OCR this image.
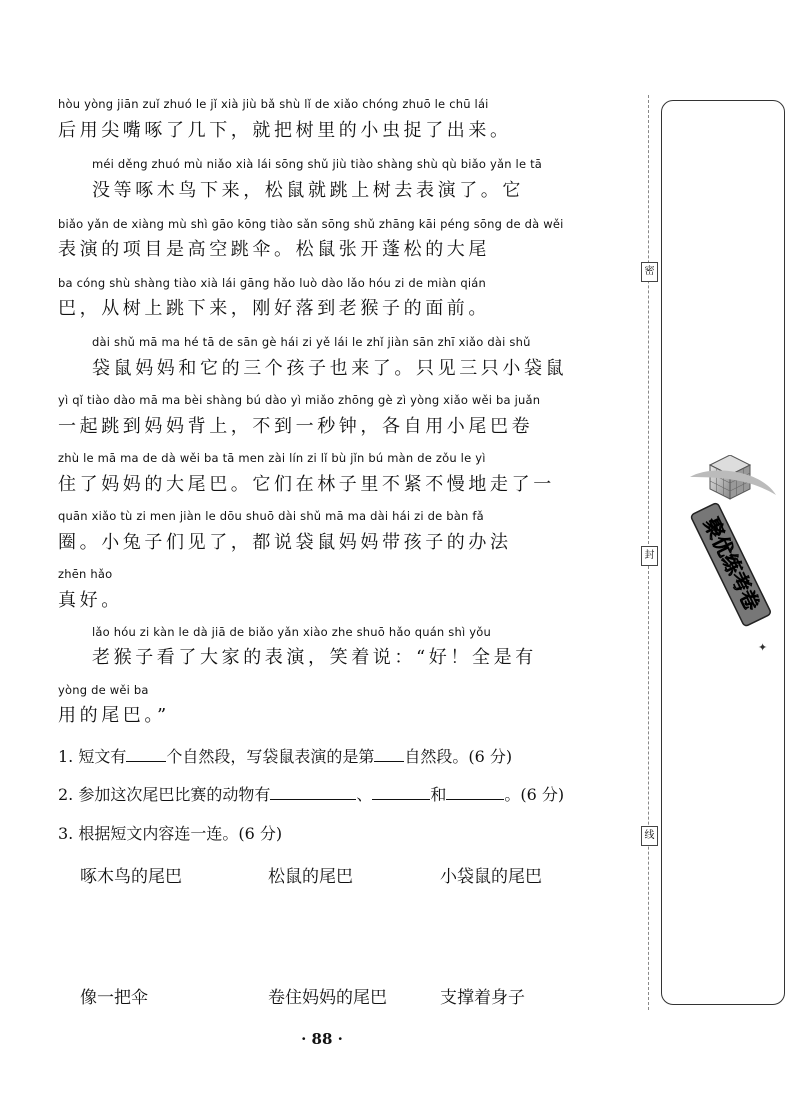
hòu yòng jiān zuǐ zhuó le jǐ xià jiù bǎ shù lǐ de xiǎo chóng zhuō le chū lái
后用尖嘴啄了几下，就把树里的小虫捉了出来。
méi děng zhuó mù niǎo xià lái sōng shǔ jiù tiào shàng shù qù biǎo yǎn le tā
没等啄木鸟下来，松鼠就跳上树去表演了。它
biǎo yǎn de xiàng mù shì gāo kōng tiào sǎn sōng shǔ zhāng kāi péng sōng de dà wěi
表演的项目是高空跳伞。松鼠张开蓬松的大尾
ba cóng shù shàng tiào xià lái gāng hǎo luò dào lǎo hóu zi de miàn qián
巴，从树上跳下来，刚好落到老猴子的面前。
dài shǔ mā ma hé tā de sān gè hái zi yě lái le zhǐ jiàn sān zhī xiǎo dài shǔ
袋鼠妈妈和它的三个孩子也来了。只见三只小袋鼠
yì qǐ tiào dào mā ma bèi shàng bú dào yì miǎo zhōng gè zì yòng xiǎo wěi ba juǎn
一起跳到妈妈背上，不到一秒钟，各自用小尾巴卷
zhù le mā ma de dà wěi ba tā men zài lín zi lǐ bù jǐn bú màn de zǒu le yì
住了妈妈的大尾巴。它们在林子里不紧不慢地走了一
quān xiǎo tù zi men jiàn le dōu shuō dài shǔ mā ma dài hái zi de bàn fǎ
圈。小兔子们见了，都说袋鼠妈妈带孩子的办法
zhēn hǎo
真好。
lǎo hóu zi kàn le dà jiā de biǎo yǎn xiào zhe shuō hǎo quán shì yǒu
老猴子看了大家的表演，笑着说：“好！全是有
yòng de wěi ba
用的尾巴。”
1. 短文有	个自然段，写袋鼠表演的是第 自然段。(6 分)
2. 参加这次尾巴比赛的动物有	、	和	。(6 分)
3. 根据短文内容连一连。(6 分)
啄木鸟的尾巴	松鼠的尾巴	小袋鼠的尾巴
像一把伞	卷住妈妈的尾巴	支撑着身子
· 88 ·
密
封
线
聚优练考卷
✦
